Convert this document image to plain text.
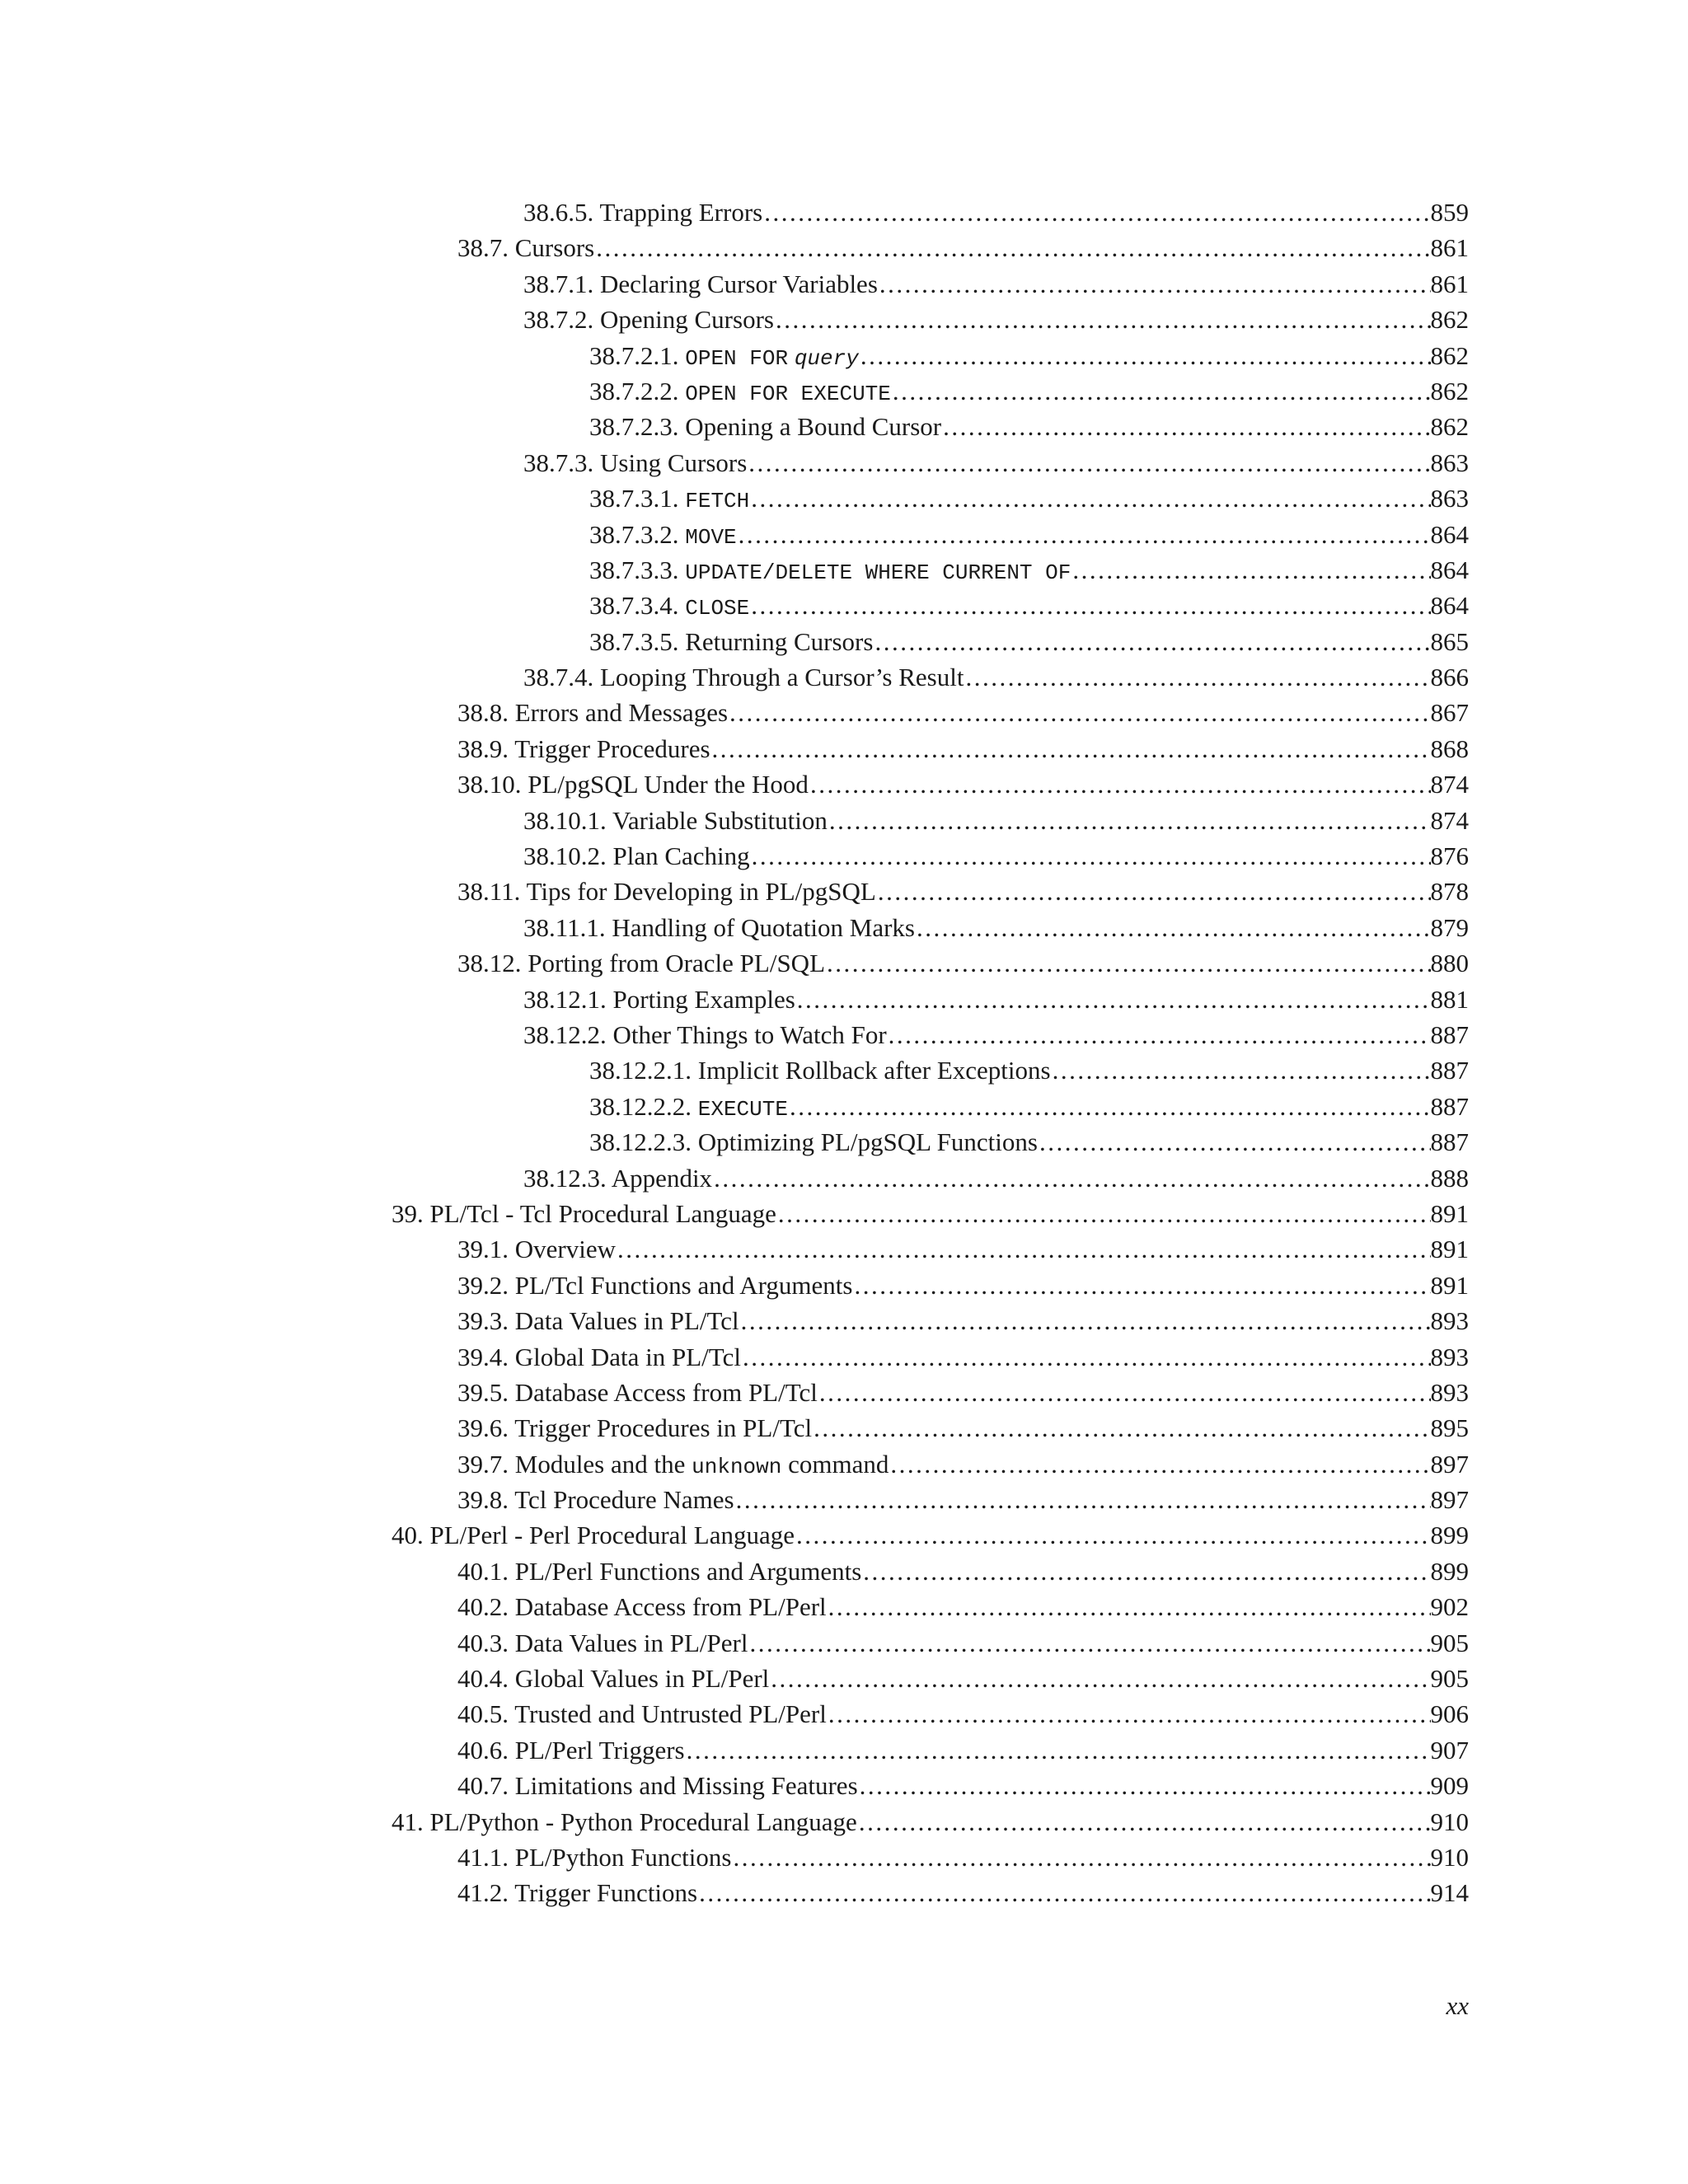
38.6.5. Trapping Errors .....	859
38.7. Cursors .....	861
38.7.1. Declaring Cursor Variables .....	861
38.7.2. Opening Cursors .....	862
38.7.2.1. OPEN FOR query .....	862
38.7.2.2. OPEN FOR EXECUTE .....	862
38.7.2.3. Opening a Bound Cursor .....	862
38.7.3. Using Cursors .....	863
38.7.3.1. FETCH .....	863
38.7.3.2. MOVE .....	864
38.7.3.3. UPDATE/DELETE WHERE CURRENT OF .....	864
38.7.3.4. CLOSE .....	864
38.7.3.5. Returning Cursors .....	865
38.7.4. Looping Through a Cursor’s Result .....	866
38.8. Errors and Messages .....	867
38.9. Trigger Procedures .....	868
38.10. PL/pgSQL Under the Hood .....	874
38.10.1. Variable Substitution .....	874
38.10.2. Plan Caching .....	876
38.11. Tips for Developing in PL/pgSQL .....	878
38.11.1. Handling of Quotation Marks .....	879
38.12. Porting from Oracle PL/SQL .....	880
38.12.1. Porting Examples .....	881
38.12.2. Other Things to Watch For .....	887
38.12.2.1. Implicit Rollback after Exceptions .....	887
38.12.2.2. EXECUTE .....	887
38.12.2.3. Optimizing PL/pgSQL Functions .....	887
38.12.3. Appendix .....	888
39. PL/Tcl - Tcl Procedural Language .....	891
39.1. Overview .....	891
39.2. PL/Tcl Functions and Arguments .....	891
39.3. Data Values in PL/Tcl .....	893
39.4. Global Data in PL/Tcl .....	893
39.5. Database Access from PL/Tcl .....	893
39.6. Trigger Procedures in PL/Tcl .....	895
39.7. Modules and the unknown command .....	897
39.8. Tcl Procedure Names .....	897
40. PL/Perl - Perl Procedural Language .....	899
40.1. PL/Perl Functions and Arguments .....	899
40.2. Database Access from PL/Perl .....	902
40.3. Data Values in PL/Perl .....	905
40.4. Global Values in PL/Perl .....	905
40.5. Trusted and Untrusted PL/Perl .....	906
40.6. PL/Perl Triggers .....	907
40.7. Limitations and Missing Features .....	909
41. PL/Python - Python Procedural Language .....	910
41.1. PL/Python Functions .....	910
41.2. Trigger Functions .....	914
xx
